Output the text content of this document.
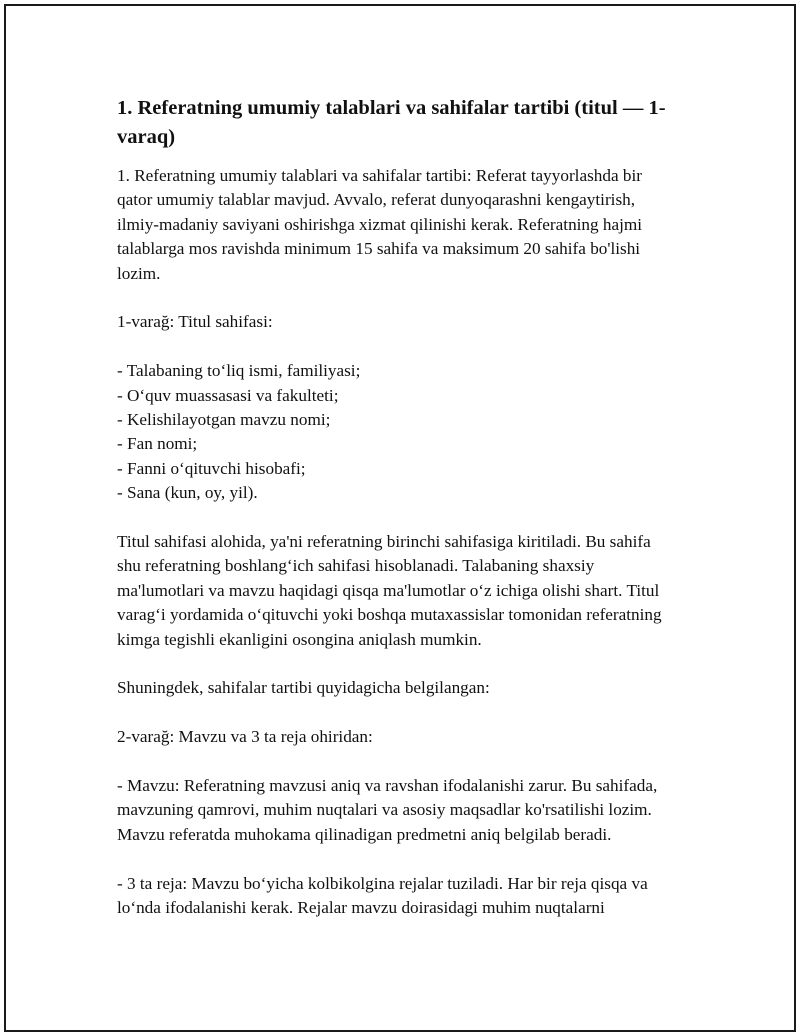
1. Referatning umumiy talablari va sahifalar tartibi (titul — 1-varaq)

1. Referatning umumiy talablari va sahifalar tartibi: Referat tayyorlashda bir qator umumiy talablar mavjud. Avvalo, referat dunyoqarashni kengaytirish, ilmiy-madaniy saviyani oshirishga xizmat qilinishi kerak. Referatning hajmi talablarga mos ravishda minimum 15 sahifa va maksimum 20 sahifa bo'lishi lozim.

1-varağ: Titul sahifasi:

- Talabaning to‘liq ismi, familiyasi;
- O‘quv muassasasi va fakulteti;
- Kelishilayotgan mavzu nomi;
- Fan nomi;
- Fanni o‘qituvchi hisobafi;
- Sana (kun, oy, yil).

Titul sahifasi alohida, ya'ni referatning birinchi sahifasiga kiritiladi. Bu sahifa shu referatning boshlang‘ich sahifasi hisoblanadi. Talabaning shaxsiy ma'lumotlari va mavzu haqidagi qisqa ma'lumotlar o‘z ichiga olishi shart. Titul varag‘i yordamida o‘qituvchi yoki boshqa mutaxassislar tomonidan referatning kimga tegishli ekanligini osongina aniqlash mumkin.

Shuningdek, sahifalar tartibi quyidagicha belgilangan:

2-varağ: Mavzu va 3 ta reja ohiridan:

- Mavzu: Referatning mavzusi aniq va ravshan ifodalanishi zarur. Bu sahifada, mavzuning qamrovi, muhim nuqtalari va asosiy maqsadlar ko'rsatilishi lozim. Mavzu referatda muhokama qilinadigan predmetni aniq belgilab beradi.

- 3 ta reja: Mavzu bo‘yicha kolbikolgina rejalar tuziladi. Har bir reja qisqa va lo‘nda ifodalanishi kerak. Rejalar mavzu doirasidagi muhim nuqtalarni
